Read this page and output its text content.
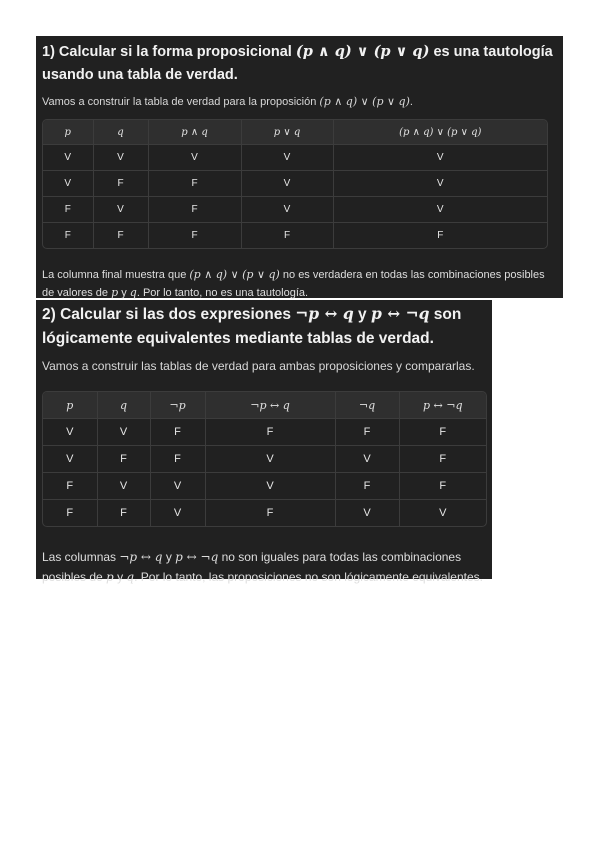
1) Calcular si la forma proposicional (p ∧ q) ∨ (p ∨ q) es una tautología usando una tabla de verdad.

Vamos a construir la tabla de verdad para la proposición (p ∧ q) ∨ (p ∨ q).

p	q	p ∧ q	p ∨ q	(p ∧ q) ∨ (p ∨ q)
V	V	V	V	V
V	F	F	V	V
F	V	F	V	V
F	F	F	F	F

La columna final muestra que (p ∧ q) ∨ (p ∨ q) no es verdadera en todas las combinaciones posibles de valores de p y q. Por lo tanto, no es una tautología.

2) Calcular si las dos expresiones ¬p ↔ q y p ↔ ¬q son lógicamente equivalentes mediante tablas de verdad.

Vamos a construir las tablas de verdad para ambas proposiciones y compararlas.

p	q	¬p	¬p ↔ q	¬q	p ↔ ¬q
V	V	F	F	F	F
V	F	F	V	V	F
F	V	V	V	F	F
F	F	V	F	V	V

Las columnas ¬p ↔ q y p ↔ ¬q no son iguales para todas las combinaciones posibles de p y q. Por lo tanto, las proposiciones no son lógicamente equivalentes.
